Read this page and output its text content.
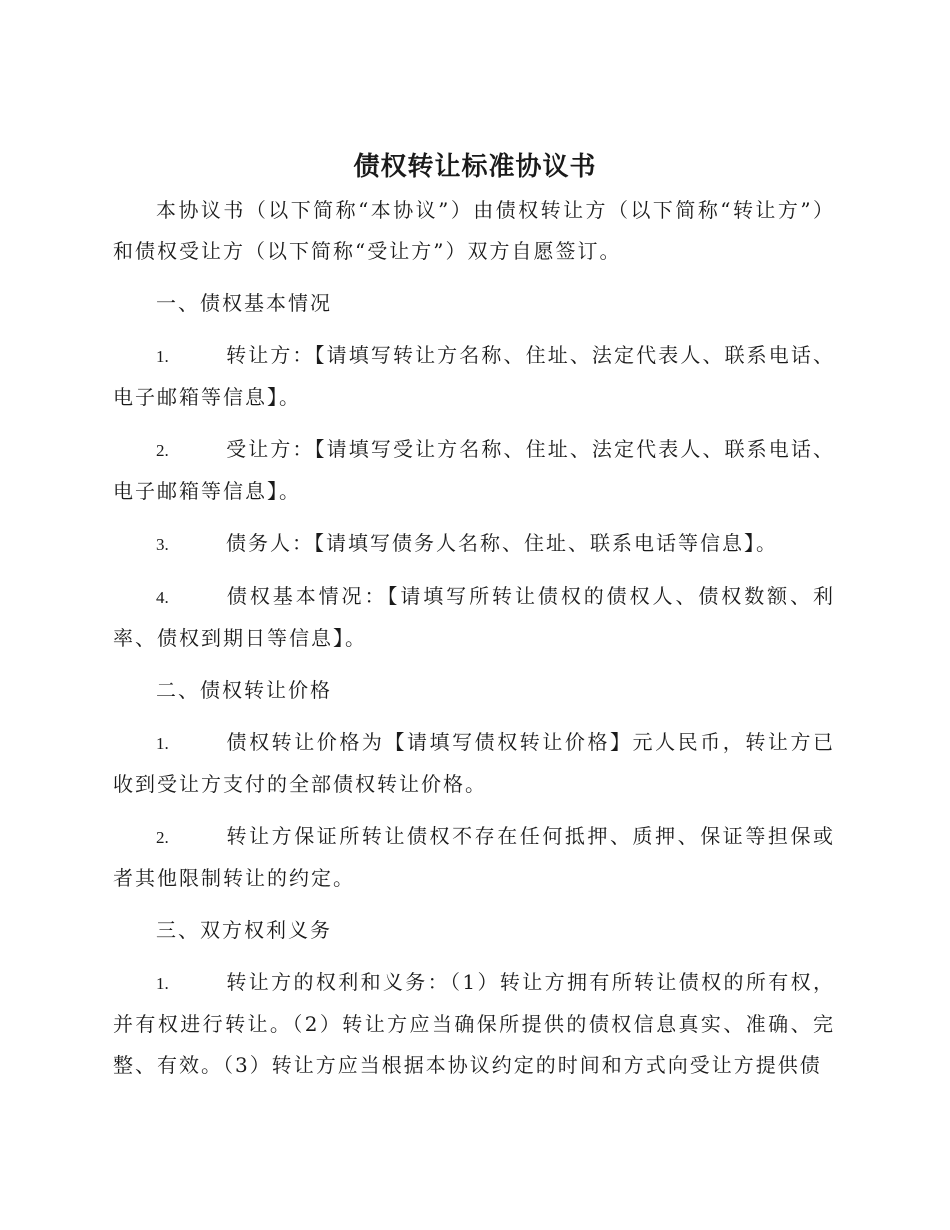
债权转让标准协议书

本协议书（以下简称“本协议”）由债权转让方（以下简称“转让方”）和债权受让方（以下简称“受让方”）双方自愿签订。

一、债权基本情况

1.	转让方：【请填写转让方名称、住址、法定代表人、联系电话、电子邮箱等信息】。

2.	受让方：【请填写受让方名称、住址、法定代表人、联系电话、电子邮箱等信息】。

3.	债务人：【请填写债务人名称、住址、联系电话等信息】。

4.	债权基本情况：【请填写所转让债权的债权人、债权数额、利率、债权到期日等信息】。

二、债权转让价格

1.	债权转让价格为【请填写债权转让价格】元人民币，转让方已收到受让方支付的全部债权转让价格。

2.	转让方保证所转让债权不存在任何抵押、质押、保证等担保或者其他限制转让的约定。

三、双方权利义务

1.	转让方的权利和义务：（1）转让方拥有所转让债权的所有权，并有权进行转让。（2）转让方应当确保所提供的债权信息真实、准确、完整、有效。（3）转让方应当根据本协议约定的时间和方式向受让方提供债
